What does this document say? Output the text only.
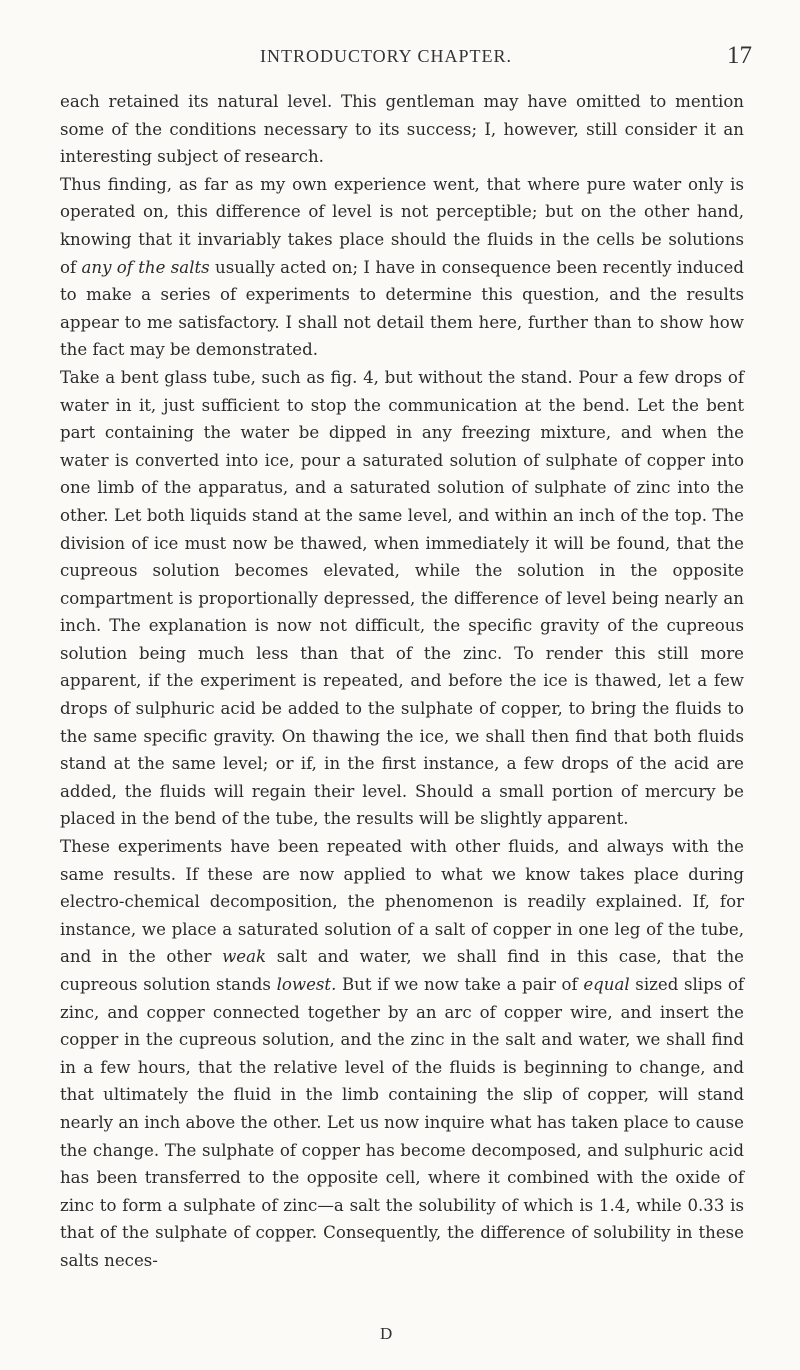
INTRODUCTORY CHAPTER.	17

each retained its natural level. This gentleman may have omitted to mention some of the conditions necessary to its success; I, however, still consider it an interesting subject of research.

Thus finding, as far as my own experience went, that where pure water only is operated on, this difference of level is not perceptible; but on the other hand, knowing that it invariably takes place should the fluids in the cells be solutions of any of the salts usually acted on; I have in consequence been recently induced to make a series of experiments to determine this question, and the results appear to me satisfactory. I shall not detail them here, further than to show how the fact may be demonstrated.

Take a bent glass tube, such as fig. 4, but without the stand. Pour a few drops of water in it, just sufficient to stop the communication at the bend. Let the bent part containing the water be dipped in any freezing mixture, and when the water is converted into ice, pour a saturated solution of sulphate of copper into one limb of the apparatus, and a saturated solution of sulphate of zinc into the other. Let both liquids stand at the same level, and within an inch of the top. The division of ice must now be thawed, when immediately it will be found, that the cupreous solution becomes elevated, while the solution in the opposite compartment is proportionally depressed, the difference of level being nearly an inch. The explanation is now not difficult, the specific gravity of the cupreous solution being much less than that of the zinc. To render this still more apparent, if the experiment is repeated, and before the ice is thawed, let a few drops of sulphuric acid be added to the sulphate of copper, to bring the fluids to the same specific gravity. On thawing the ice, we shall then find that both fluids stand at the same level; or if, in the first instance, a few drops of the acid are added, the fluids will regain their level. Should a small portion of mercury be placed in the bend of the tube, the results will be slightly apparent.

These experiments have been repeated with other fluids, and always with the same results. If these are now applied to what we know takes place during electro-chemical decomposition, the phenomenon is readily explained. If, for instance, we place a saturated solution of a salt of copper in one leg of the tube, and in the other weak salt and water, we shall find in this case, that the cupreous solution stands lowest. But if we now take a pair of equal sized slips of zinc, and copper connected together by an arc of copper wire, and insert the copper in the cupreous solution, and the zinc in the salt and water, we shall find in a few hours, that the relative level of the fluids is beginning to change, and that ultimately the fluid in the limb containing the slip of copper, will stand nearly an inch above the other. Let us now inquire what has taken place to cause the change. The sulphate of copper has become decomposed, and sulphuric acid has been transferred to the opposite cell, where it combined with the oxide of zinc to form a sulphate of zinc—a salt the solubility of which is 1.4, while 0.33 is that of the sulphate of copper. Consequently, the difference of solubility in these salts neces-

D
